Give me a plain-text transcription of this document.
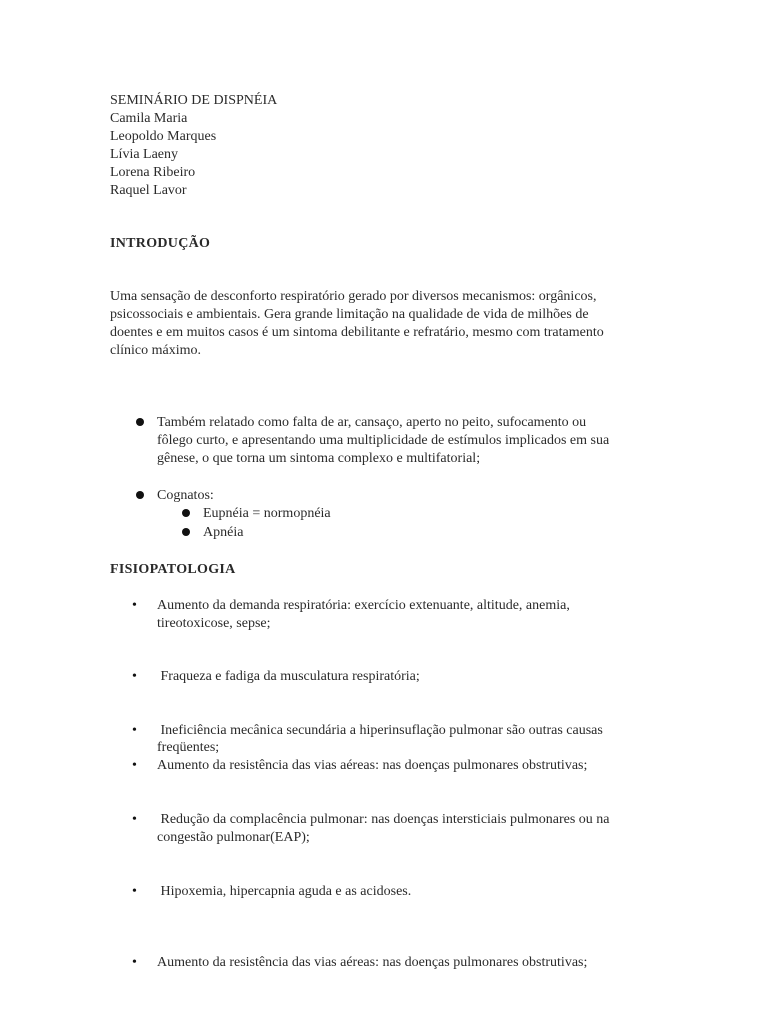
SEMINÁRIO DE DISPNÉIA
Camila Maria
Leopoldo Marques
Lívia Laeny
Lorena Ribeiro
Raquel Lavor
INTRODUÇÃO
Uma sensação de desconforto respiratório gerado por diversos mecanismos: orgânicos,
psicossociais e ambientais. Gera grande limitação na qualidade de vida de milhões de
doentes e em muitos casos é um sintoma debilitante e refratário, mesmo com tratamento
clínico máximo.
Também relatado como falta de ar, cansaço, aperto no peito, sufocamento ou
fôlego curto, e apresentando uma multiplicidade de estímulos implicados em sua
gênese, o que torna um sintoma complexo e multifatorial;
Cognatos:
Eupnéia = normopnéia
Apnéia
FISIOPATOLOGIA
• Aumento da demanda respiratória: exercício extenuante, altitude, anemia,
tireotoxicose, sepse;
• Fraqueza e fadiga da musculatura respiratória;
• Ineficiência mecânica secundária a hiperinsuflação pulmonar são outras causas
freqüentes;
• Aumento da resistência das vias aéreas: nas doenças pulmonares obstrutivas;
• Redução da complacência pulmonar: nas doenças intersticiais pulmonares ou na
congestão pulmonar(EAP);
• Hipoxemia, hipercapnia aguda e as acidoses.
• Aumento da resistência das vias aéreas: nas doenças pulmonares obstrutivas;
